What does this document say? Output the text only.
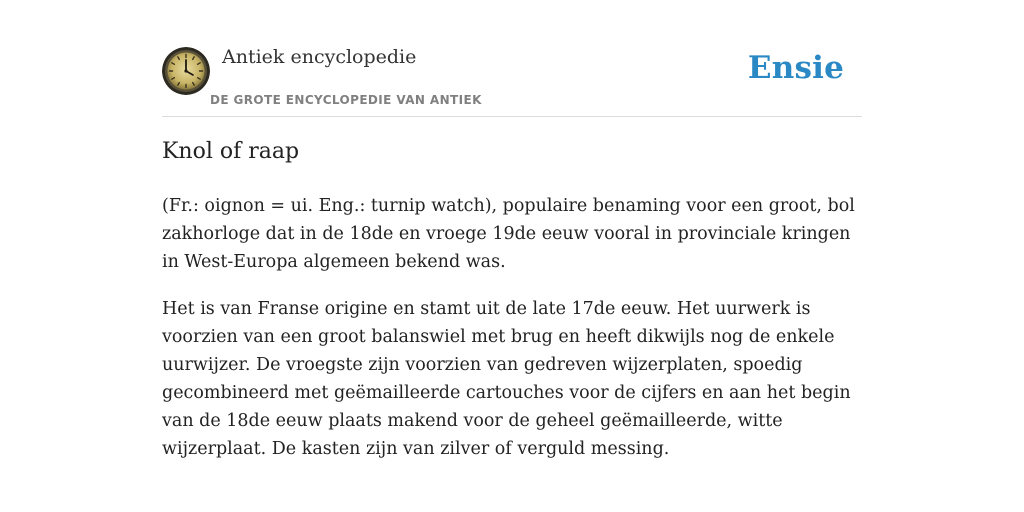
Antiek encyclopedie
DE GROTE ENCYCLOPEDIE VAN ANTIEK
Ensie
Knol of raap

(Fr.: oignon = ui. Eng.: turnip watch), populaire benaming voor een groot, bol zakhorloge dat in de 18de en vroege 19de eeuw vooral in provinciale kringen in West-Europa algemeen bekend was.

Het is van Franse origine en stamt uit de late 17de eeuw. Het uurwerk is voorzien van een groot balanswiel met brug en heeft dikwijls nog de enkele uurwijzer. De vroegste zijn voorzien van gedreven wijzerplaten, spoedig gecombineerd met geëmailleerde cartouches voor de cijfers en aan het begin van de 18de eeuw plaats makend voor de geheel geëmailleerde, witte wijzerplaat. De kasten zijn van zilver of verguld messing.
